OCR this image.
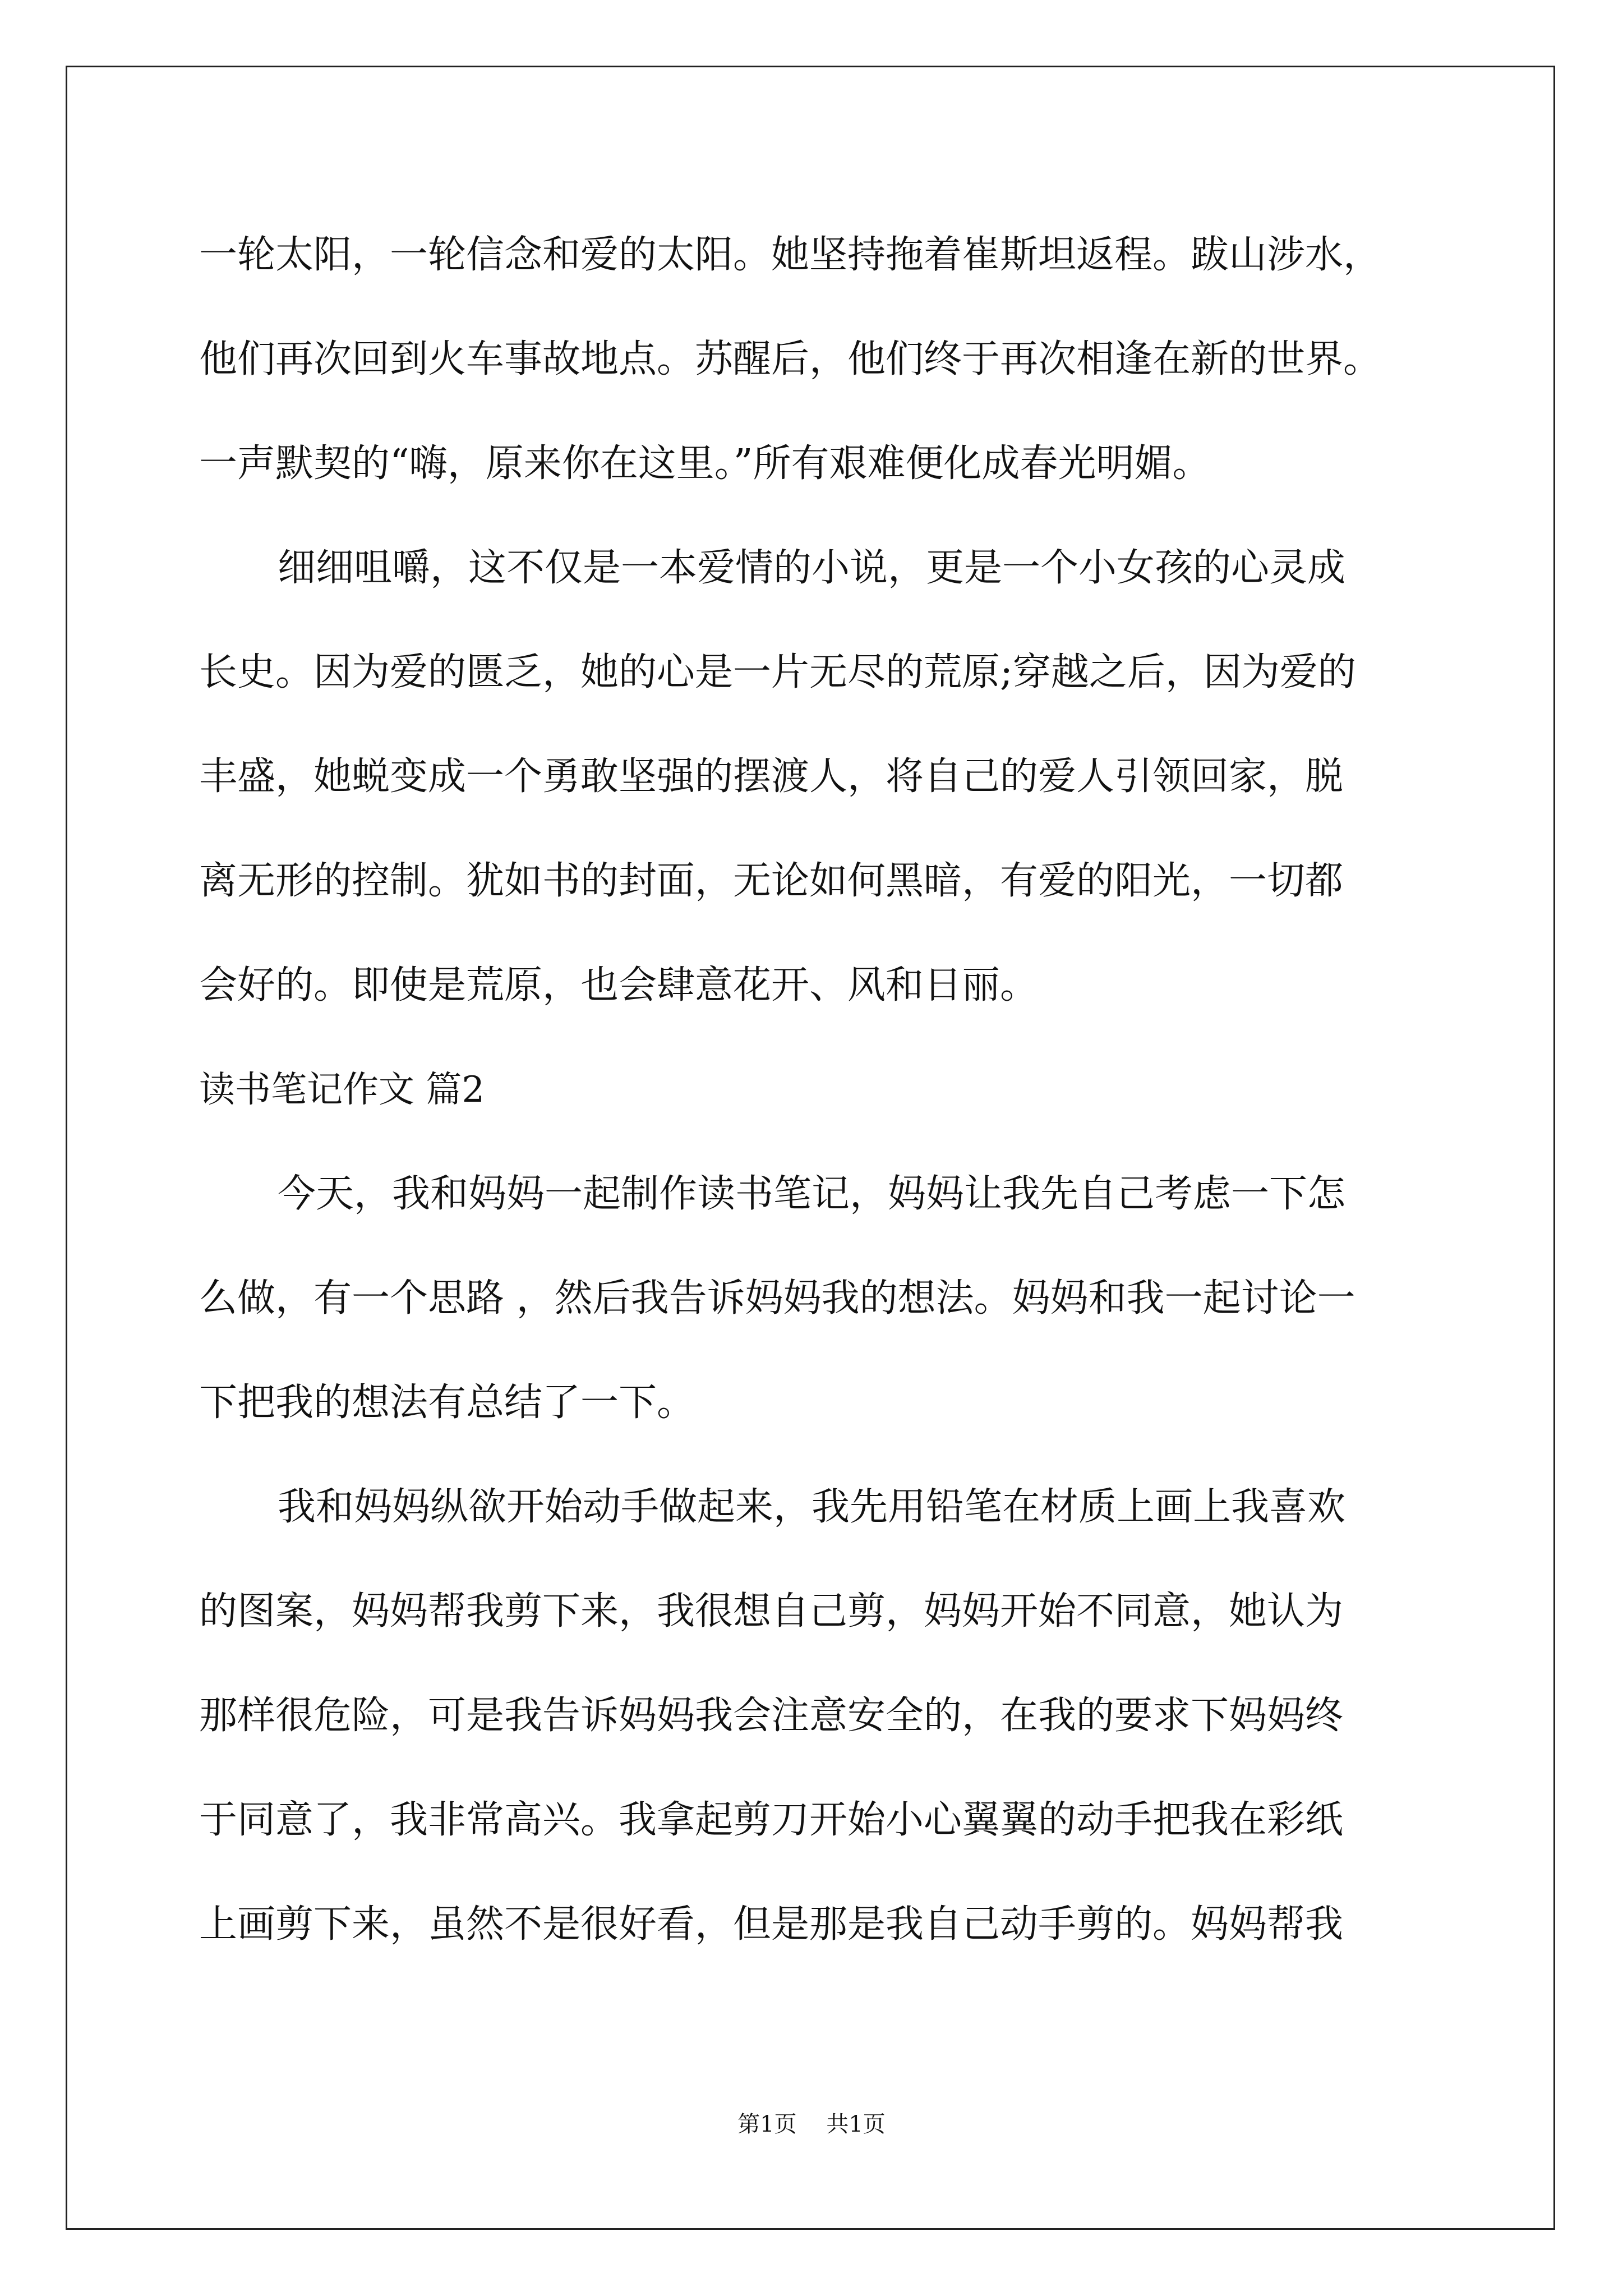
一轮太阳，一轮信念和爱的太阳。她坚持拖着崔斯坦返程。跋山涉水，
他们再次回到火车事故地点。苏醒后，他们终于再次相逢在新的世界。
一声默契的“嗨，原来你在这里。”所有艰难便化成春光明媚。
细细咀嚼，这不仅是一本爱情的小说，更是一个小女孩的心灵成
长史。因为爱的匮乏，她的心是一片无尽的荒原;穿越之后，因为爱的
丰盛，她蜕变成一个勇敢坚强的摆渡人，将自己的爱人引领回家，脱
离无形的控制。犹如书的封面，无论如何黑暗，有爱的阳光，一切都
会好的。即使是荒原，也会肆意花开、风和日丽。
读书笔记作文 篇2
今天，我和妈妈一起制作读书笔记，妈妈让我先自己考虑一下怎
么做，有一个思路 ，然后我告诉妈妈我的想法。妈妈和我一起讨论一
下把我的想法有总结了一下。
我和妈妈纵欲开始动手做起来，我先用铅笔在材质上画上我喜欢
的图案，妈妈帮我剪下来，我很想自己剪，妈妈开始不同意，她认为
那样很危险，可是我告诉妈妈我会注意安全的，在我的要求下妈妈终
于同意了，我非常高兴。我拿起剪刀开始小心翼翼的动手把我在彩纸
上画剪下来，虽然不是很好看，但是那是我自己动手剪的。妈妈帮我
第1页 共1页
